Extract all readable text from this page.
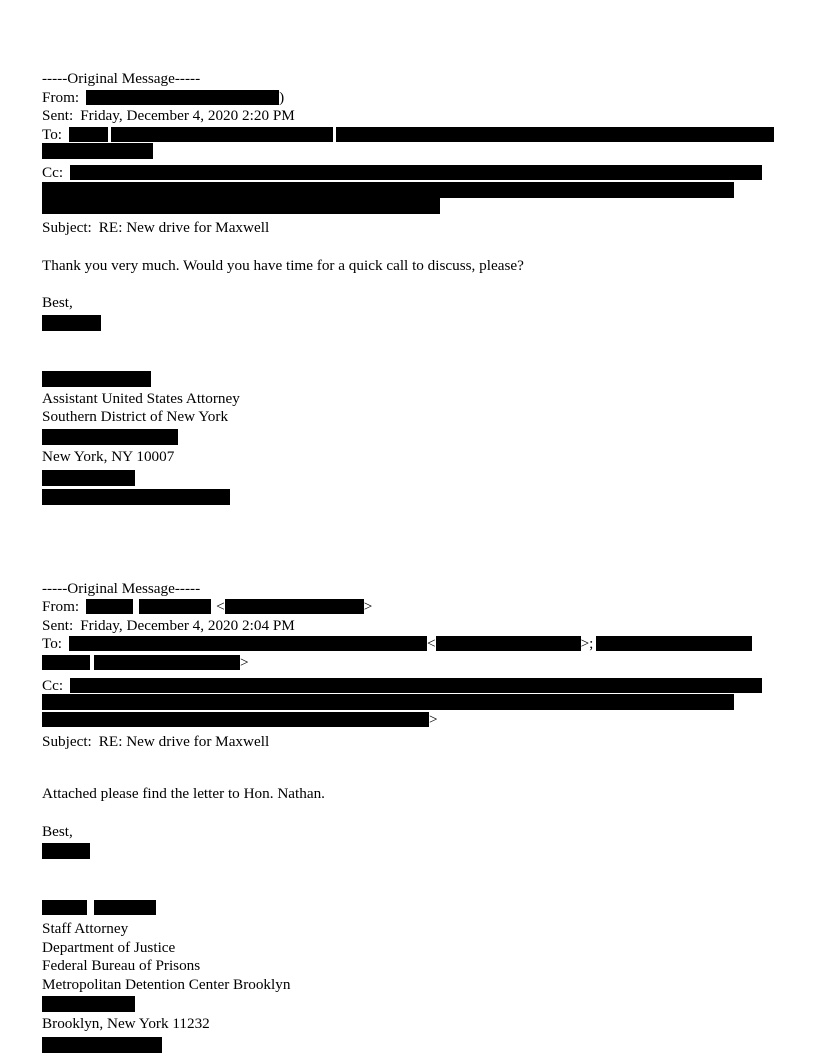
-----Original Message-----
From:	)
Sent: Friday, December 4, 2020 2:20 PM
To:
Cc:
Subject: RE: New drive for Maxwell
Thank you very much. Would you have time for a quick call to discuss, please?
Best,
Assistant United States Attorney
Southern District of New York
New York, NY 10007
-----Original Message-----
From:	<	>
Sent: Friday, December 4, 2020 2:04 PM
To:	<	>;
>
Cc:
>
Subject: RE: New drive for Maxwell
Attached please find the letter to Hon. Nathan.
Best,
Staff Attorney
Department of Justice
Federal Bureau of Prisons
Metropolitan Detention Center Brooklyn
Brooklyn, New York 11232
